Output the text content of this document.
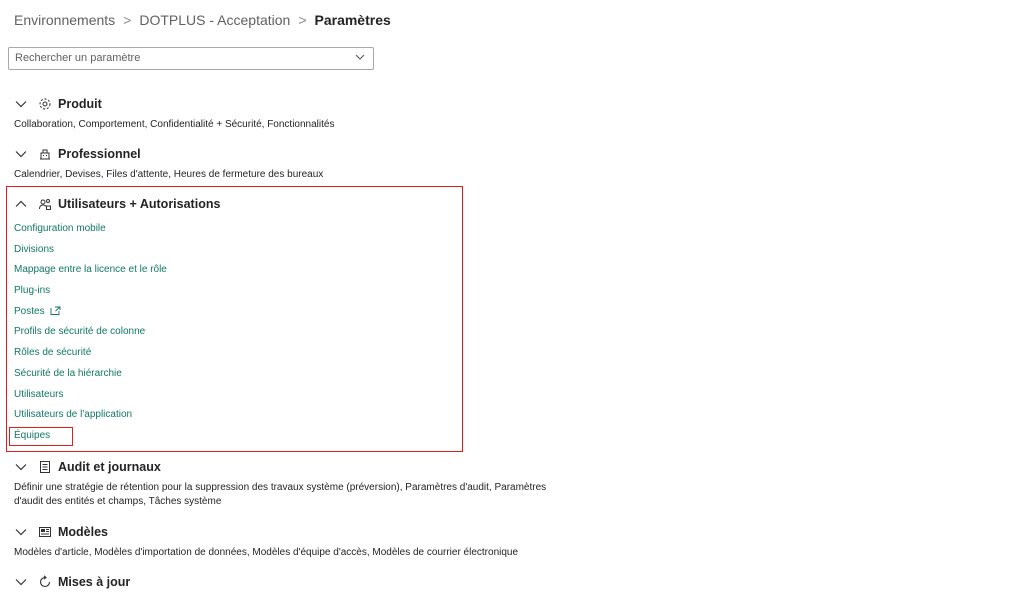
Environnements > DOTPLUS - Acceptation > Paramètres
Rechercher un paramètre
Produit
Collaboration, Comportement, Confidentialité + Sécurité, Fonctionnalités
Professionnel
Calendrier, Devises, Files d'attente, Heures de fermeture des bureaux
Utilisateurs + Autorisations
Configuration mobile
Divisions
Mappage entre la licence et le rôle
Plug-ins
Postes
Profils de sécurité de colonne
Rôles de sécurité
Sécurité de la hiérarchie
Utilisateurs
Utilisateurs de l'application
Équipes
Audit et journaux
Définir une stratégie de rétention pour la suppression des travaux système (préversion), Paramètres d'audit, Paramètres d'audit des entités et champs, Tâches système
Modèles
Modèles d'article, Modèles d'importation de données, Modèles d'équipe d'accès, Modèles de courrier électronique
Mises à jour
